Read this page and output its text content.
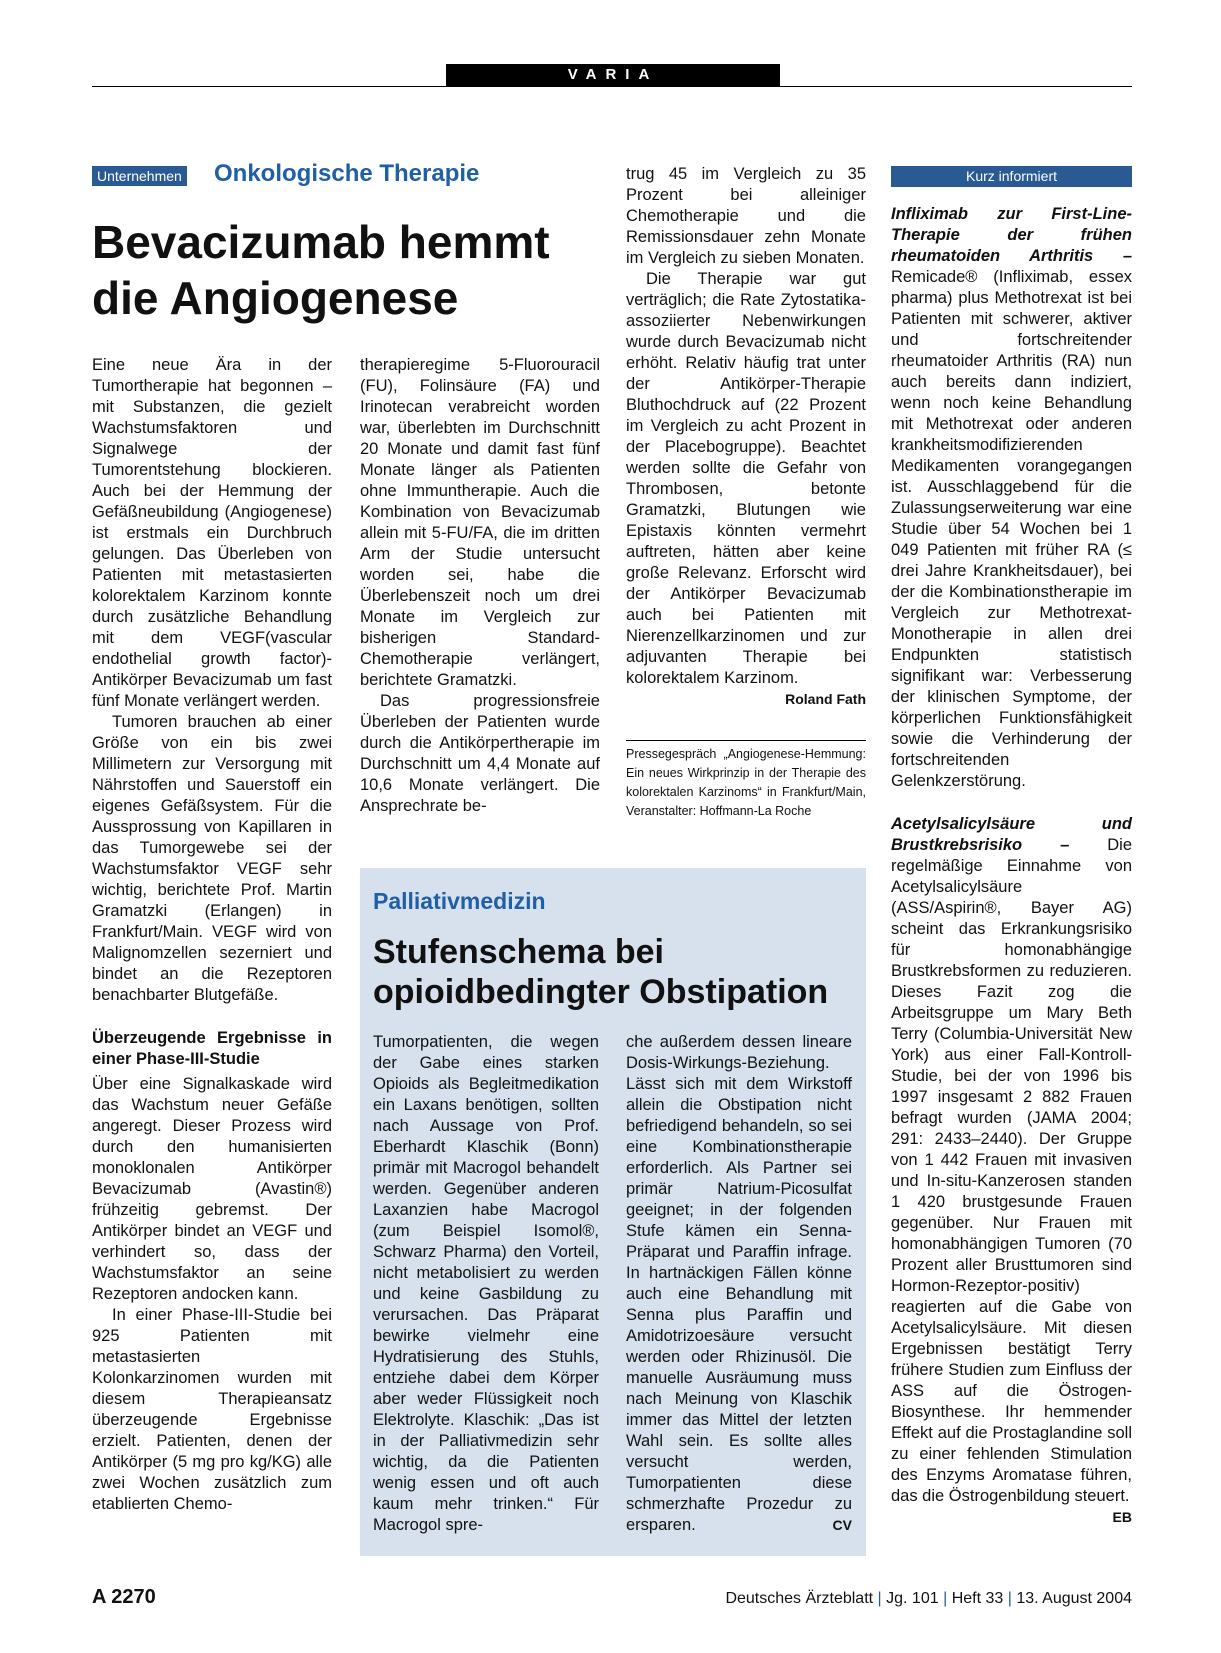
VARIA
Unternehmen Onkologische Therapie
Bevacizumab hemmt die Angiogenese

Eine neue Ära in der Tumortherapie hat begonnen – mit Substanzen, die gezielt Wachstumsfaktoren und Signalwege der Tumorentstehung blockieren. Auch bei der Hemmung der Gefäßneubildung (Angiogenese) ist erstmals ein Durchbruch gelungen. Das Überleben von Patienten mit metastasierten kolorektalem Karzinom konnte durch zusätzliche Behandlung mit dem VEGF(vascular endothelial growth factor)-Antikörper Bevacizumab um fast fünf Monate verlängert werden.

Tumoren brauchen ab einer Größe von ein bis zwei Millimetern zur Versorgung mit Nährstoffen und Sauerstoff ein eigenes Gefäßsystem. Für die Aussprossung von Kapillaren in das Tumorgewebe sei der Wachstumsfaktor VEGF sehr wichtig, berichtete Prof. Martin Gramatzki (Erlangen) in Frankfurt/Main. VEGF wird von Malignomzellen sezerniert und bindet an die Rezeptoren benachbarter Blutgefäße.

Überzeugende Ergebnisse in einer Phase-III-Studie

Über eine Signalkaskade wird das Wachstum neuer Gefäße angeregt. Dieser Prozess wird durch den humanisierten monoklonalen Antikörper Bevacizumab (Avastin®) frühzeitig gebremst. Der Antikörper bindet an VEGF und verhindert so, dass der Wachstumsfaktor an seine Rezeptoren andocken kann.

In einer Phase-III-Studie bei 925 Patienten mit metastasierten Kolonkarzinomen wurden mit diesem Therapieansatz überzeugende Ergebnisse erzielt. Patienten, denen der Antikörper (5 mg pro kg/KG) alle zwei Wochen zusätzlich zum etablierten Chemo-

therapieregime 5-Fluorouracil (FU), Folinsäure (FA) und Irinotecan verabreicht worden war, überlebten im Durchschnitt 20 Monate und damit fast fünf Monate länger als Patienten ohne Immuntherapie. Auch die Kombination von Bevacizumab allein mit 5-FU/FA, die im dritten Arm der Studie untersucht worden sei, habe die Überlebenszeit noch um drei Monate im Vergleich zur bisherigen Standard-Chemotherapie verlängert, berichtete Gramatzki.

Das progressionsfreie Überleben der Patienten wurde durch die Antikörpertherapie im Durchschnitt um 4,4 Monate auf 10,6 Monate verlängert. Die Ansprechrate be-

trug 45 im Vergleich zu 35 Prozent bei alleiniger Chemotherapie und die Remissionsdauer zehn Monate im Vergleich zu sieben Monaten.

Die Therapie war gut verträglich; die Rate Zytostatika-assoziierter Nebenwirkungen wurde durch Bevacizumab nicht erhöht. Relativ häufig trat unter der Antikörper-Therapie Bluthochdruck auf (22 Prozent im Vergleich zu acht Prozent in der Placebogruppe). Beachtet werden sollte die Gefahr von Thrombosen, betonte Gramatzki, Blutungen wie Epistaxis könnten vermehrt auftreten, hätten aber keine große Relevanz. Erforscht wird der Antikörper Bevacizumab auch bei Patienten mit Nierenzellkarzinomen und zur adjuvanten Therapie bei kolorektalem Karzinom.
Roland Fath

Pressegespräch „Angiogenese-Hemmung: Ein neues Wirkprinzip in der Therapie des kolorektalen Karzinoms“ in Frankfurt/Main, Veranstalter: Hoffmann-La Roche
Palliativmedizin
Stufenschema bei opioidbedingter Obstipation

Tumorpatienten, die wegen der Gabe eines starken Opioids als Begleitmedikation ein Laxans benötigen, sollten nach Aussage von Prof. Eberhardt Klaschik (Bonn) primär mit Macrogol behandelt werden. Gegenüber anderen Laxanzien habe Macrogol (zum Beispiel Isomol®, Schwarz Pharma) den Vorteil, nicht metabolisiert zu werden und keine Gasbildung zu verursachen. Das Präparat bewirke vielmehr eine Hydratisierung des Stuhls, entziehe dabei dem Körper aber weder Flüssigkeit noch Elektrolyte. Klaschik: „Das ist in der Palliativmedizin sehr wichtig, da die Patienten wenig essen und oft auch kaum mehr trinken.“ Für Macrogol spre-

che außerdem dessen lineare Dosis-Wirkungs-Beziehung. Lässt sich mit dem Wirkstoff allein die Obstipation nicht befriedigend behandeln, so sei eine Kombinationstherapie erforderlich. Als Partner sei primär Natrium-Picosulfat geeignet; in der folgenden Stufe kämen ein Senna-Präparat und Paraffin infrage. In hartnäckigen Fällen könne auch eine Behandlung mit Senna plus Paraffin und Amidotrizoesäure versucht werden oder Rhizinusöl. Die manuelle Ausräumung muss nach Meinung von Klaschik immer das Mittel der letzten Wahl sein. Es sollte alles versucht werden, Tumorpatienten diese schmerzhafte Prozedur zu ersparen.	CV

Kurz informiert

Infliximab zur First-Line-Therapie der frühen rheumatoiden Arthritis – Remicade® (Infliximab, essex pharma) plus Methotrexat ist bei Patienten mit schwerer, aktiver und fortschreitender rheumatoider Arthritis (RA) nun auch bereits dann indiziert, wenn noch keine Behandlung mit Methotrexat oder anderen krankheitsmodifizierenden Medikamenten vorangegangen ist. Ausschlaggebend für die Zulassungserweiterung war eine Studie über 54 Wochen bei 1 049 Patienten mit früher RA (≤ drei Jahre Krankheitsdauer), bei der die Kombinationstherapie im Vergleich zur Methotrexat-Monotherapie in allen drei Endpunkten statistisch signifikant war: Verbesserung der klinischen Symptome, der körperlichen Funktionsfähigkeit sowie die Verhinderung der fortschreitenden Gelenkzerstörung.

Acetylsalicylsäure und Brustkrebsrisiko – Die regelmäßige Einnahme von Acetylsalicylsäure (ASS/Aspirin®, Bayer AG) scheint das Erkrankungsrisiko für homonabhängige Brustkrebsformen zu reduzieren. Dieses Fazit zog die Arbeitsgruppe um Mary Beth Terry (Columbia-Universität New York) aus einer Fall-Kontroll-Studie, bei der von 1996 bis 1997 insgesamt 2 882 Frauen befragt wurden (JAMA 2004; 291: 2433–2440). Der Gruppe von 1 442 Frauen mit invasiven und In-situ-Kanzerosen standen 1 420 brustgesunde Frauen gegenüber. Nur Frauen mit homonabhängigen Tumoren (70 Prozent aller Brusttumoren sind Hormon-Rezeptor-positiv) reagierten auf die Gabe von Acetylsalicylsäure. Mit diesen Ergebnissen bestätigt Terry frühere Studien zum Einfluss der ASS auf die Östrogen-Biosynthese. Ihr hemmender Effekt auf die Prostaglandine soll zu einer fehlenden Stimulation des Enzyms Aromatase führen, das die Östrogenbildung steuert.
EB

A 2270	Deutsches Ärzteblatt | Jg. 101 | Heft 33 | 13. August 2004
